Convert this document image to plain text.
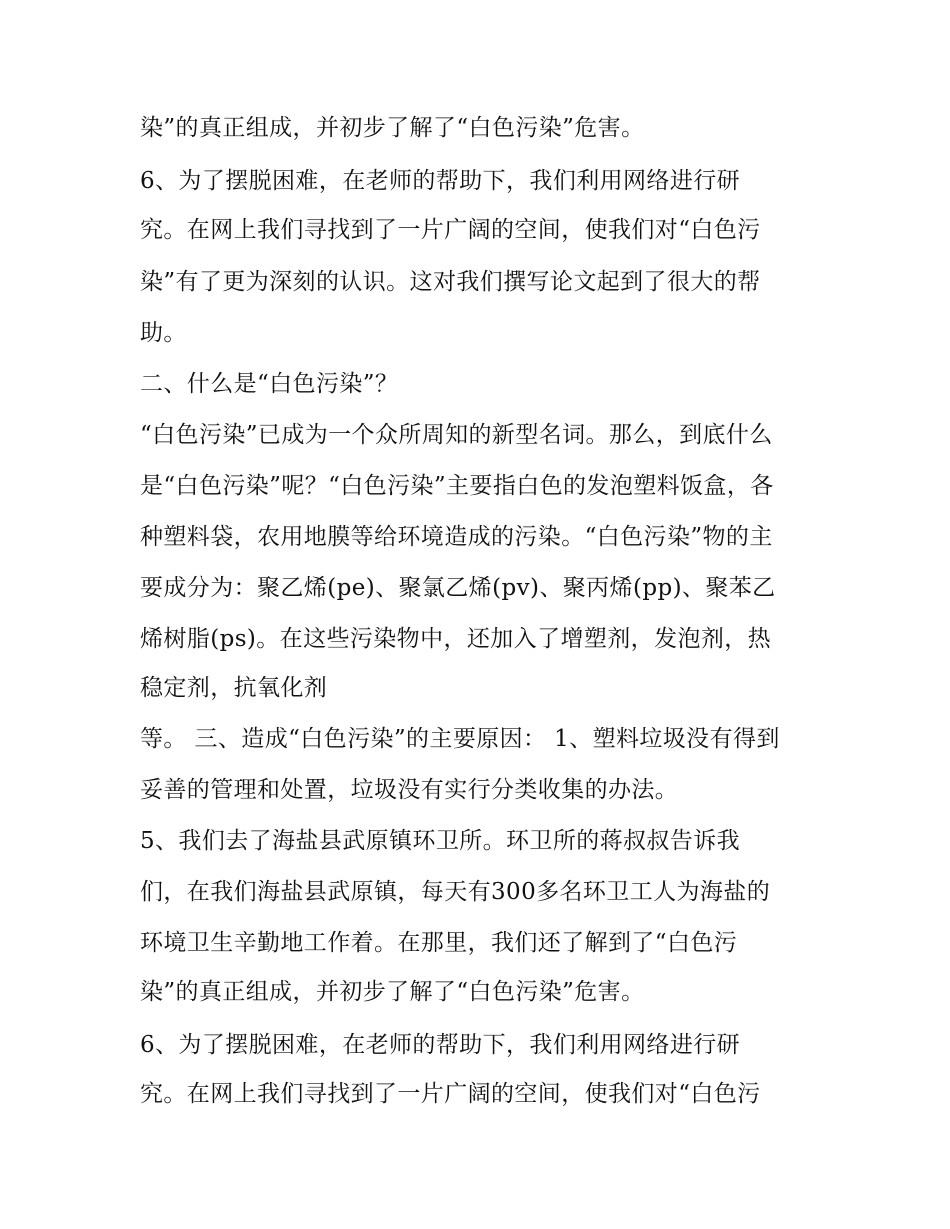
染”的真正组成，并初步了解了“白色污染”危害。
6、为了摆脱困难，在老师的帮助下，我们利用网络进行研
究。在网上我们寻找到了一片广阔的空间，使我们对“白色污
染”有了更为深刻的认识。这对我们撰写论文起到了很大的帮
助。
二、什么是“白色污染”？
“白色污染”已成为一个众所周知的新型名词。那么，到底什么
是“白色污染”呢？“白色污染”主要指白色的发泡塑料饭盒，各
种塑料袋，农用地膜等给环境造成的污染。“白色污染”物的主
要成分为：聚乙烯(pe)、聚氯乙烯(pv)、聚丙烯(pp)、聚苯乙
烯树脂(ps)。在这些污染物中，还加入了增塑剂，发泡剂，热
稳定剂，抗氧化剂
等。 三、造成“白色污染”的主要原因： 1、塑料垃圾没有得到
妥善的管理和处置，垃圾没有实行分类收集的办法。
5、我们去了海盐县武原镇环卫所。环卫所的蒋叔叔告诉我
们，在我们海盐县武原镇，每天有300多名环卫工人为海盐的
环境卫生辛勤地工作着。在那里，我们还了解到了“白色污
染”的真正组成，并初步了解了“白色污染”危害。
6、为了摆脱困难，在老师的帮助下，我们利用网络进行研
究。在网上我们寻找到了一片广阔的空间，使我们对“白色污
